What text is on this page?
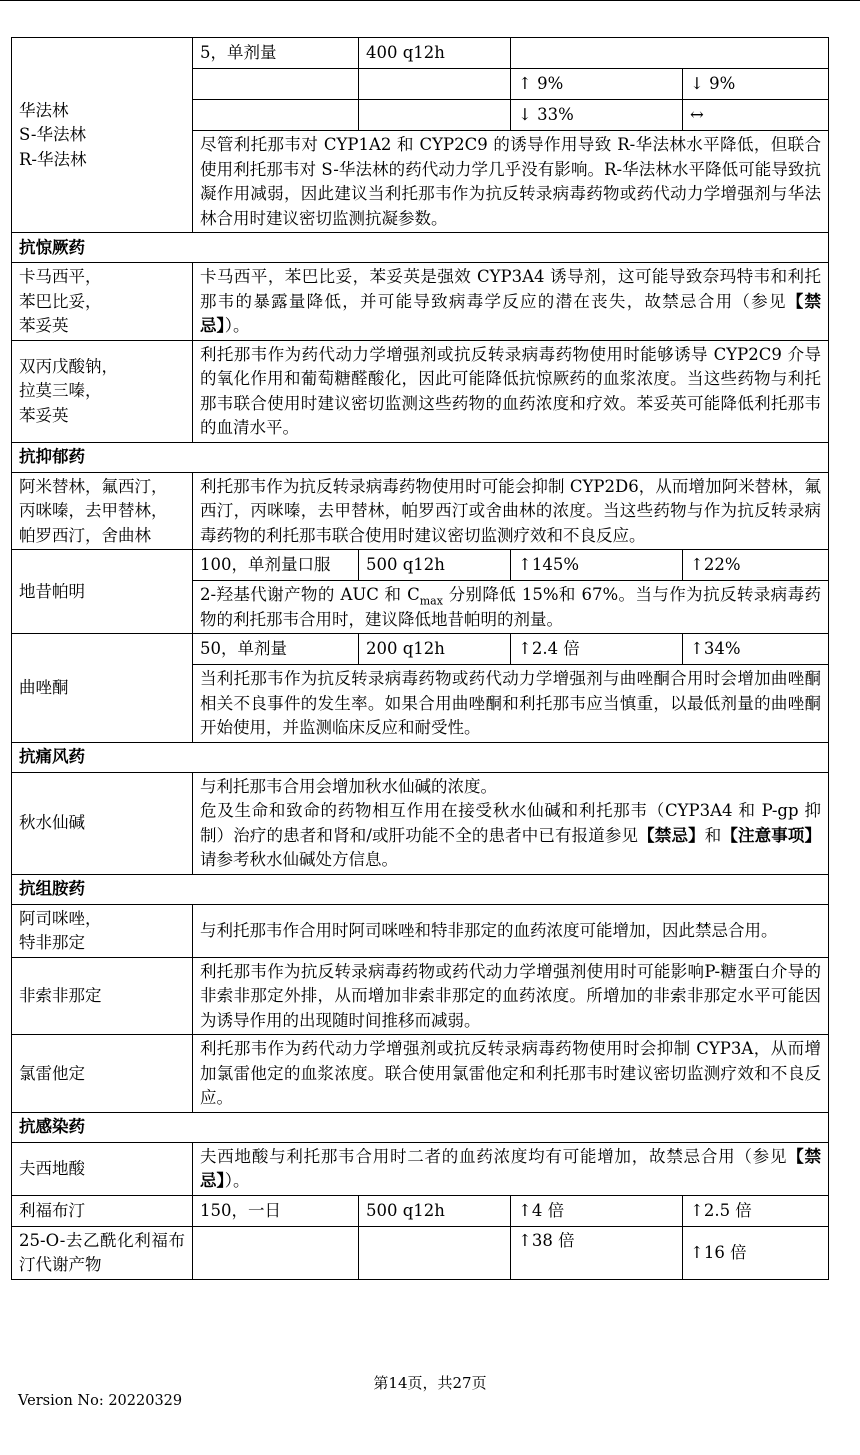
华法林
S-华法林
R-华法林	5，单剂量	400 q12h		
			↑ 9%	↓ 9%
			↓ 33%	↔
	尽管利托那韦对 CYP1A2 和 CYP2C9 的诱导作用导致 R-华法林水平降低，但联合使用利托那韦对 S-华法林的药代动力学几乎没有影响。R-华法林水平降低可能导致抗凝作用减弱，因此建议当利托那韦作为抗反转录病毒药物或药代动力学增强剂与华法林合用时建议密切监测抗凝参数。			
抗惊厥药				

卡马西平，
苯巴比妥，
苯妥英	卡马西平，苯巴比妥，苯妥英是强效 CYP3A4 诱导剂，这可能导致奈玛特韦和利托那韦的暴露量降低，并可能导致病毒学反应的潜在丧失，故禁忌合用（参见【禁忌】）。			

双丙戊酸钠，
拉莫三嗪，
苯妥英	利托那韦作为药代动力学增强剂或抗反转录病毒药物使用时能够诱导 CYP2C9 介导的氧化作用和葡萄糖醛酸化，因此可能降低抗惊厥药的血浆浓度。当这些药物与利托那韦联合使用时建议密切监测这些药物的血药浓度和疗效。苯妥英可能降低利托那韦的血清水平。			
抗抑郁药				

阿米替林，氟西汀，
丙咪嗪，去甲替林，
帕罗西汀，舍曲林	利托那韦作为抗反转录病毒药物使用时可能会抑制 CYP2D6，从而增加阿米替林，氟西汀，丙咪嗪，去甲替林，帕罗西汀或舍曲林的浓度。当这些药物与作为抗反转录病毒药物的利托那韦联合使用时建议密切监测疗效和不良反应。			
地昔帕明	100，单剂量口服	500 q12h	↑145%	↑22%
	2-羟基代谢产物的 AUC 和 $C_{max}$ 分别降低 15%和 67%。当与作为抗反转录病毒药物的利托那韦合用时，建议降低地昔帕明的剂量。			
曲唑酮	50，单剂量	200 q12h	↑2.4 倍	↑34%
	当利托那韦作为抗反转录病毒药物或药代动力学增强剂与曲唑酮合用时会增加曲唑酮相关不良事件的发生率。如果合用曲唑酮和利托那韦应当慎重，以最低剂量的曲唑酮开始使用，并监测临床反应和耐受性。			
抗痛风药				
秋水仙碱	与利托那韦合用会增加秋水仙碱的浓度。
危及生命和致命的药物相互作用在接受秋水仙碱和利托那韦（CYP3A4 和 P-gp 抑制）治疗的患者和肾和/或肝功能不全的患者中已有报道参见【禁忌】和【注意事项】请参考秋水仙碱处方信息。			
抗组胺药				

阿司咪唑，
特非那定	与利托那韦作合用时阿司咪唑和特非那定的血药浓度可能增加，因此禁忌合用。			
非索非那定	利托那韦作为抗反转录病毒药物或药代动力学增强剂使用时可能影响P-糖蛋白介导的非索非那定外排，从而增加非索非那定的血药浓度。所增加的非索非那定水平可能因为诱导作用的出现随时间推移而减弱。			
氯雷他定	利托那韦作为药代动力学增强剂或抗反转录病毒药物使用时会抑制 CYP3A，从而增加氯雷他定的血浆浓度。联合使用氯雷他定和利托那韦时建议密切监测疗效和不良反应。			
抗感染药				
夫西地酸	夫西地酸与利托那韦合用时二者的血药浓度均有可能增加，故禁忌合用（参见【禁忌】）。			
利福布汀	150，一日	500 q12h	↑4 倍	↑2.5 倍
25-O-去乙酰化利福布汀代谢产物			↑38 倍	↑16 倍
第14页，共27页
Version No: 20220329
